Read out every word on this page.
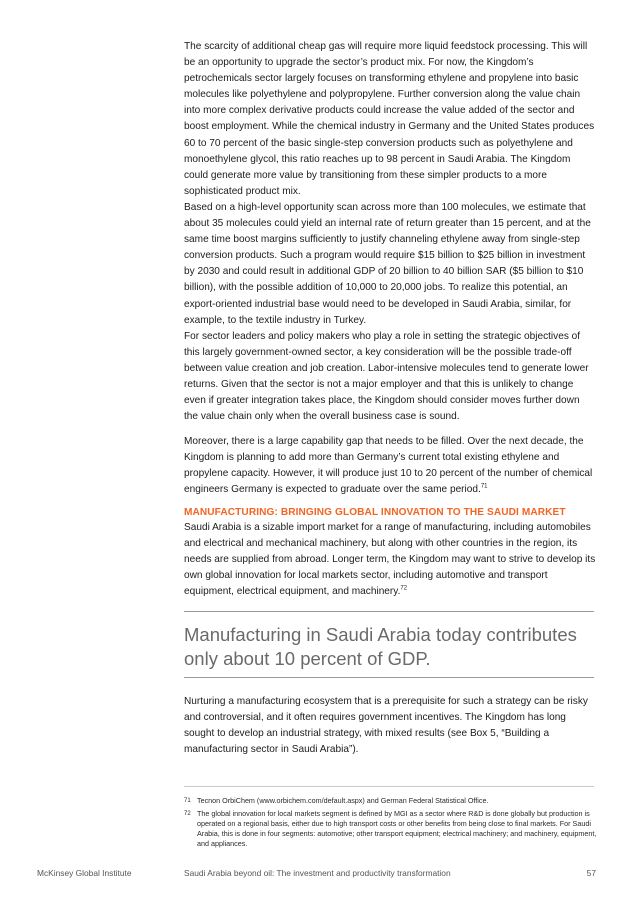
The scarcity of additional cheap gas will require more liquid feedstock processing. This will be an opportunity to upgrade the sector’s product mix. For now, the Kingdom’s petrochemicals sector largely focuses on transforming ethylene and propylene into basic molecules like polyethylene and polypropylene. Further conversion along the value chain into more complex derivative products could increase the value added of the sector and boost employment. While the chemical industry in Germany and the United States produces 60 to 70 percent of the basic single-step conversion products such as polyethylene and monoethylene glycol, this ratio reaches up to 98 percent in Saudi Arabia. The Kingdom could generate more value by transitioning from these simpler products to a more sophisticated product mix.

Based on a high-level opportunity scan across more than 100 molecules, we estimate that about 35 molecules could yield an internal rate of return greater than 15 percent, and at the same time boost margins sufficiently to justify channeling ethylene away from single-step conversion products. Such a program would require $15 billion to $25 billion in investment by 2030 and could result in additional GDP of 20 billion to 40 billion SAR ($5 billion to $10 billion), with the possible addition of 10,000 to 20,000 jobs. To realize this potential, an export-oriented industrial base would need to be developed in Saudi Arabia, similar, for example, to the textile industry in Turkey.

For sector leaders and policy makers who play a role in setting the strategic objectives of this largely government-owned sector, a key consideration will be the possible trade-off between value creation and job creation. Labor-intensive molecules tend to generate lower returns. Given that the sector is not a major employer and that this is unlikely to change even if greater integration takes place, the Kingdom should consider moves further down the value chain only when the overall business case is sound.

Moreover, there is a large capability gap that needs to be filled. Over the next decade, the Kingdom is planning to add more than Germany’s current total existing ethylene and propylene capacity. However, it will produce just 10 to 20 percent of the number of chemical engineers Germany is expected to graduate over the same period.$^{71}$

MANUFACTURING: BRINGING GLOBAL INNOVATION TO THE SAUDI MARKET

Saudi Arabia is a sizable import market for a range of manufacturing, including automobiles and electrical and mechanical machinery, but along with other countries in the region, its needs are supplied from abroad. Longer term, the Kingdom may want to strive to develop its own global innovation for local markets sector, including automotive and transport equipment, electrical equipment, and machinery.$^{72}$

Manufacturing in Saudi Arabia today contributes only about 10 percent of GDP.

Nurturing a manufacturing ecosystem that is a prerequisite for such a strategy can be risky and controversial, and it often requires government incentives. The Kingdom has long sought to develop an industrial strategy, with mixed results (see Box 5, “Building a manufacturing sector in Saudi Arabia”).

71 Tecnon OrbiChem (www.orbichem.com/default.aspx) and German Federal Statistical Office.
72 The global innovation for local markets segment is defined by MGI as a sector where R&D is done globally but production is operated on a regional basis, either due to high transport costs or other benefits from being close to final markets. For Saudi Arabia, this is done in four segments: automotive; other transport equipment; electrical machinery; and machinery, equipment, and appliances.
McKinsey Global Institute	Saudi Arabia beyond oil: The investment and productivity transformation	57
